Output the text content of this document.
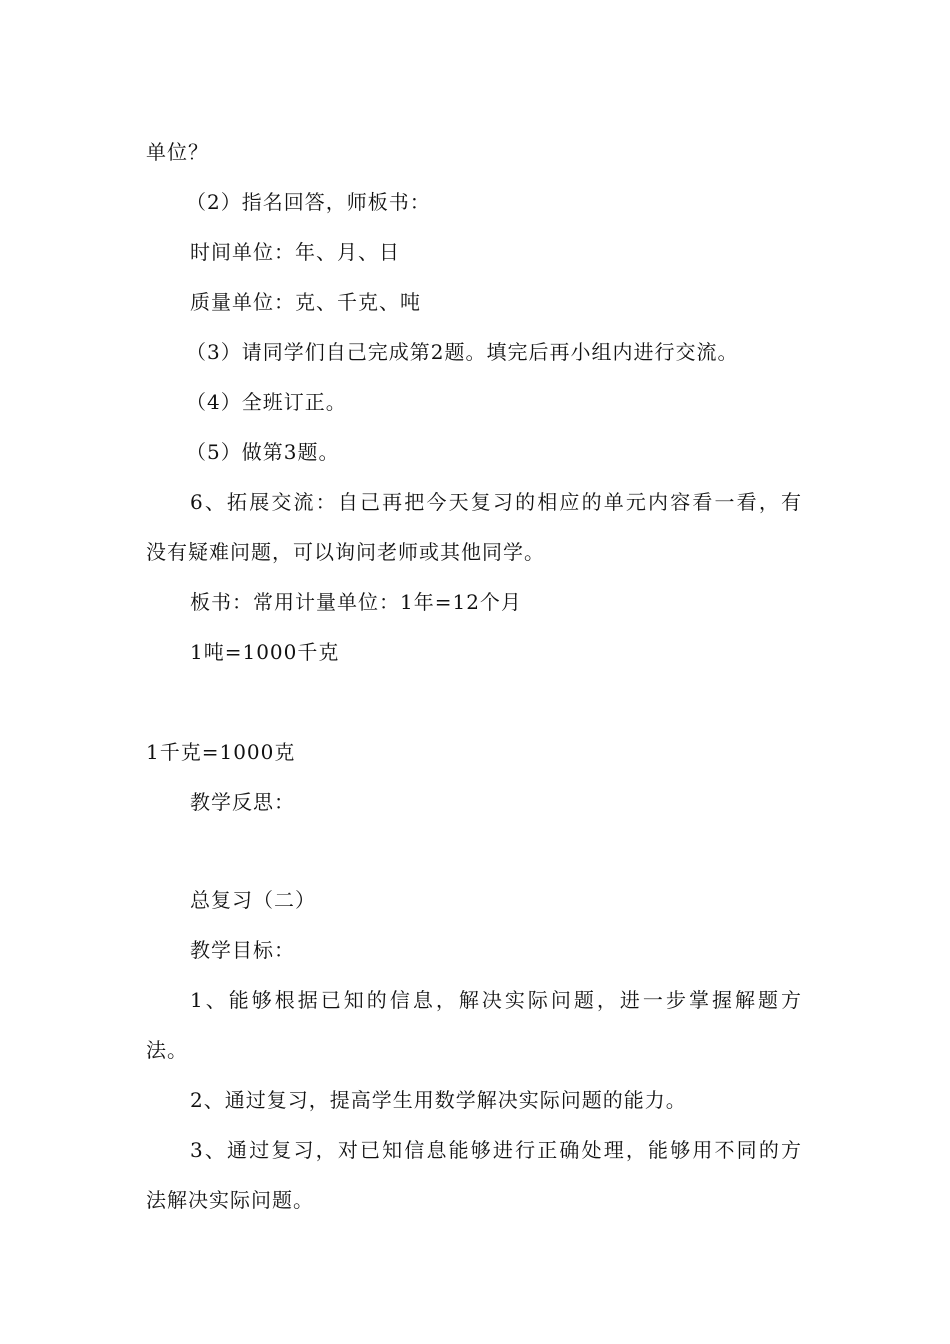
单位？
（2）指名回答，师板书：
时间单位：年、月、日
质量单位：克、千克、吨
（3）请同学们自己完成第2题。填完后再小组内进行交流。
（4）全班订正。
（5）做第3题。
6、拓展交流：自己再把今天复习的相应的单元内容看一看，有
没有疑难问题，可以询问老师或其他同学。
板书：常用计量单位：1年=12个月
1吨=1000千克
1千克=1000克
教学反思：
总复习（二）
教学目标：
1、能够根据已知的信息，解决实际问题，进一步掌握解题方
法。
2、通过复习，提高学生用数学解决实际问题的能力。
3、通过复习，对已知信息能够进行正确处理，能够用不同的方
法解决实际问题。
